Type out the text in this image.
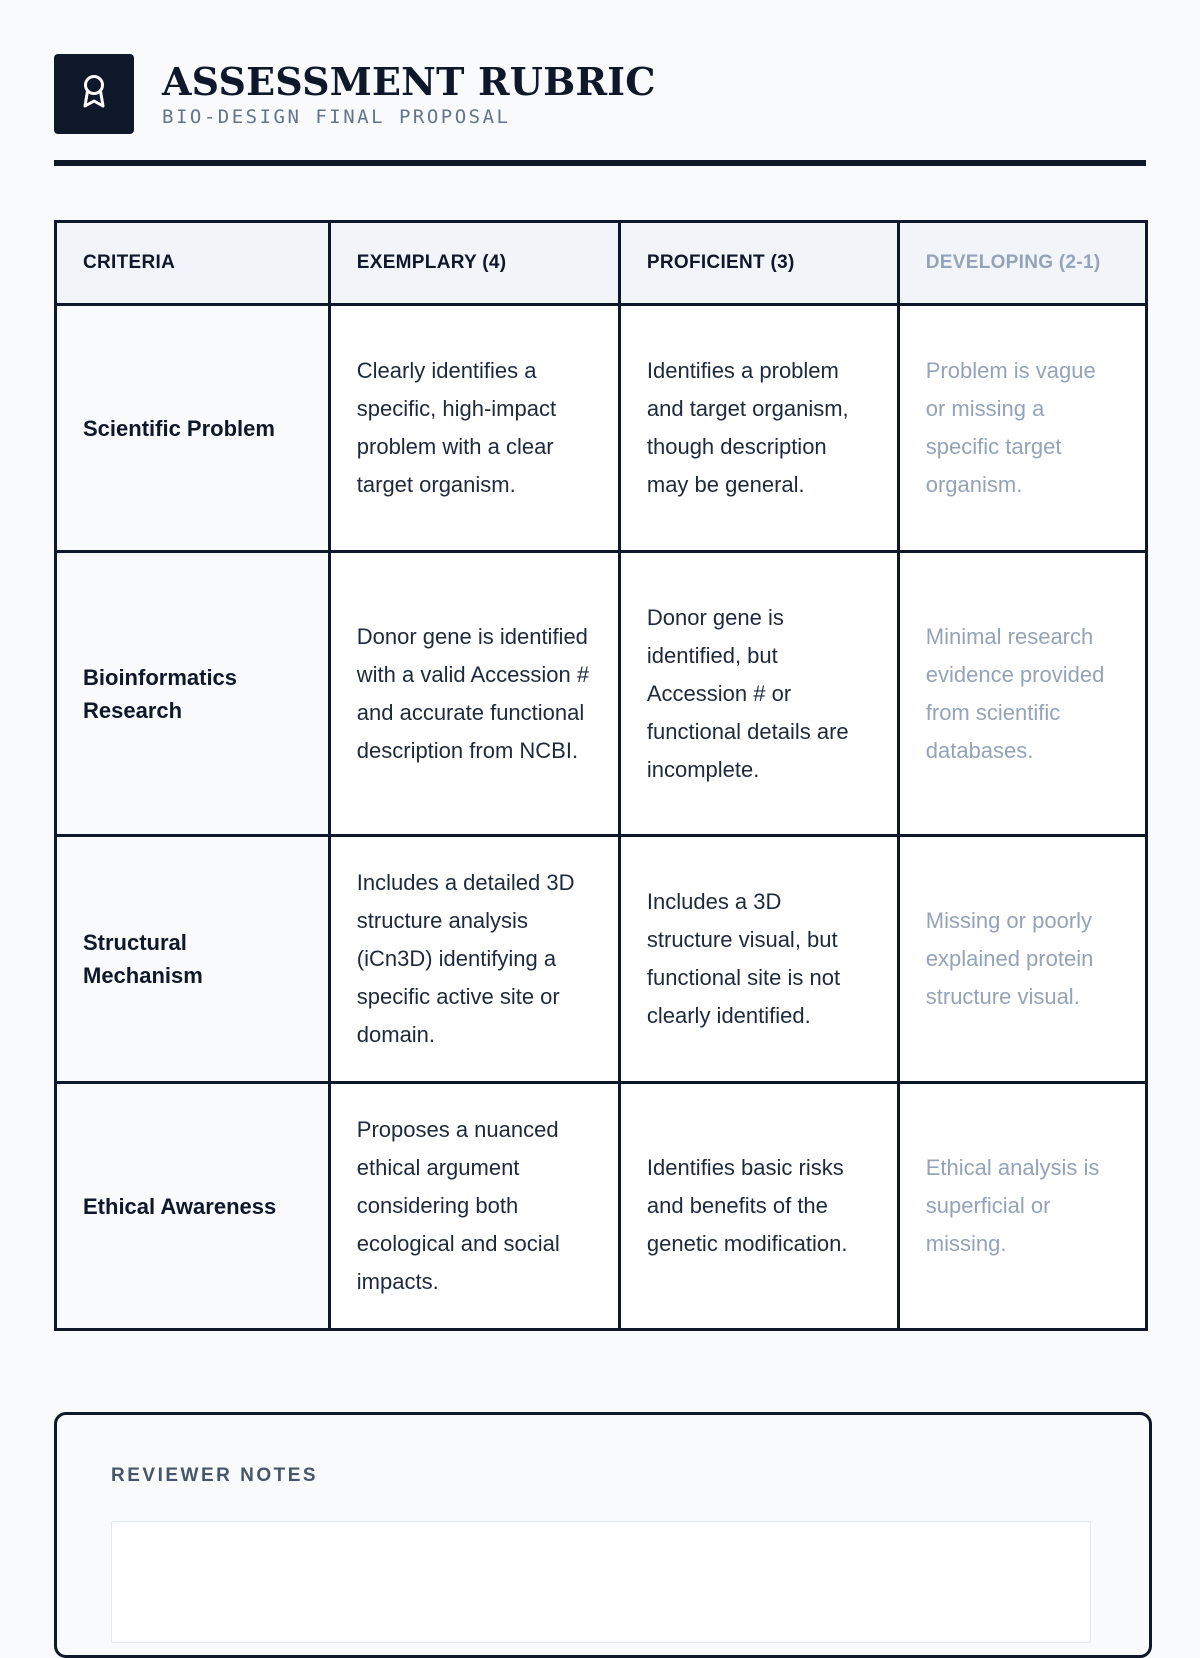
ASSESSMENT RUBRIC
BIO-DESIGN FINAL PROPOSAL
CRITERIA	EXEMPLARY (4)	PROFICIENT (3)	DEVELOPING (2-1)
Scientific Problem	Clearly identifies a specific, high-impact problem with a clear target organism.	Identifies a problem and target organism, though description may be general.	Problem is vague or missing a specific target organism.
Bioinformatics Research	Donor gene is identified with a valid Accession # and accurate functional description from NCBI.	Donor gene is identified, but Accession # or functional details are incomplete.	Minimal research evidence provided from scientific databases.
Structural Mechanism	Includes a detailed 3D structure analysis (iCn3D) identifying a specific active site or domain.	Includes a 3D structure visual, but functional site is not clearly identified.	Missing or poorly explained protein structure visual.
Ethical Awareness	Proposes a nuanced ethical argument considering both ecological and social impacts.	Identifies basic risks and benefits of the genetic modification.	Ethical analysis is superficial or missing.
REVIEWER NOTES
